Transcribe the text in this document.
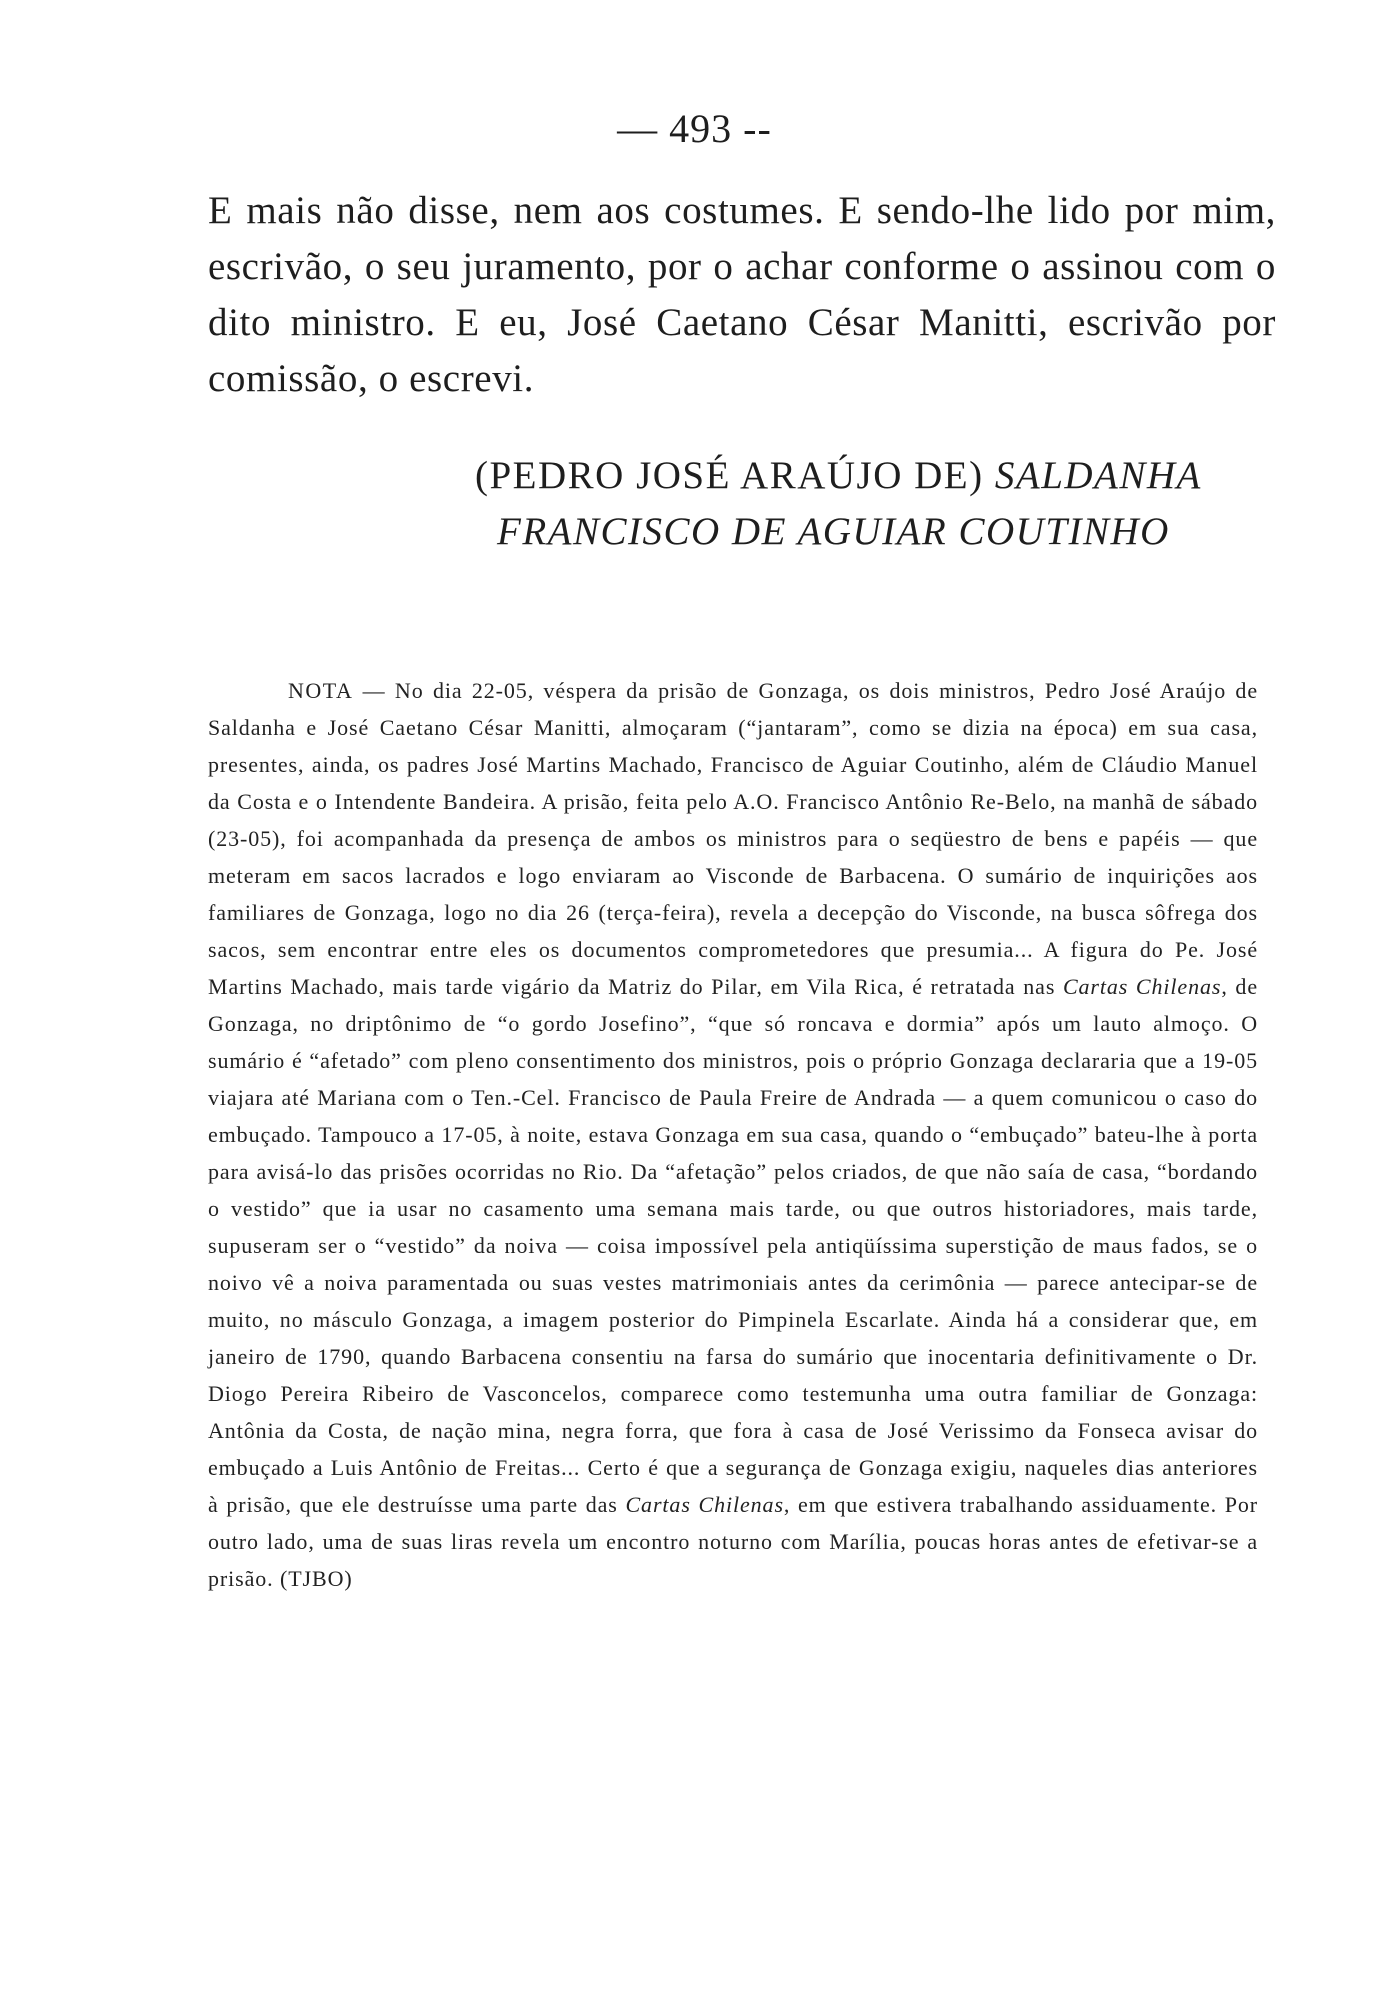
— 493 --

E mais não disse, nem aos costumes. E sendo-lhe lido por mim, escrivão, o seu juramento, por o achar conforme o assinou com o dito ministro. E eu, José Caetano César Manitti, escrivão por comissão, o escrevi.

(PEDRO JOSÉ ARAÚJO DE) SALDANHA
FRANCISCO DE AGUIAR COUTINHO

NOTA — No dia 22-05, véspera da prisão de Gonzaga, os dois ministros, Pedro José Araújo de Saldanha e José Caetano César Manitti, almoçaram (“jantaram”, como se dizia na época) em sua casa, presentes, ainda, os padres José Martins Machado, Francisco de Aguiar Coutinho, além de Cláudio Manuel da Costa e o Intendente Bandeira. A prisão, feita pelo A.O. Francisco Antônio Re-Belo, na manhã de sábado (23-05), foi acompanhada da presença de ambos os ministros para o seqüestro de bens e papéis — que meteram em sacos lacrados e logo enviaram ao Visconde de Barbacena. O sumário de inquirições aos familiares de Gonzaga, logo no dia 26 (terça-feira), revela a decepção do Visconde, na busca sôfrega dos sacos, sem encontrar entre eles os documentos comprometedores que presumia... A figura do Pe. José Martins Machado, mais tarde vigário da Matriz do Pilar, em Vila Rica, é retratada nas Cartas Chilenas, de Gonzaga, no driptônimo de “o gordo Josefino”, “que só roncava e dormia” após um lauto almoço. O sumário é “afetado” com pleno consentimento dos ministros, pois o próprio Gonzaga declararia que a 19-05 viajara até Mariana com o Ten.-Cel. Francisco de Paula Freire de Andrada — a quem comunicou o caso do embuçado. Tampouco a 17-05, à noite, estava Gonzaga em sua casa, quando o “embuçado” bateu-lhe à porta para avisá-lo das prisões ocorridas no Rio. Da “afetação” pelos criados, de que não saía de casa, “bordando o vestido” que ia usar no casamento uma semana mais tarde, ou que outros historiadores, mais tarde, supuseram ser o “vestido” da noiva — coisa impossível pela antiqüíssima superstição de maus fados, se o noivo vê a noiva paramentada ou suas vestes matrimoniais antes da cerimônia — parece antecipar-se de muito, no másculo Gonzaga, a imagem posterior do Pimpinela Escarlate. Ainda há a considerar que, em janeiro de 1790, quando Barbacena consentiu na farsa do sumário que inocentaria definitivamente o Dr. Diogo Pereira Ribeiro de Vasconcelos, comparece como testemunha uma outra familiar de Gonzaga: Antônia da Costa, de nação mina, negra forra, que fora à casa de José Verissimo da Fonseca avisar do embuçado a Luis Antônio de Freitas... Certo é que a segurança de Gonzaga exigiu, naqueles dias anteriores à prisão, que ele destruísse uma parte das Cartas Chilenas, em que estivera trabalhando assiduamente. Por outro lado, uma de suas liras revela um encontro noturno com Marília, poucas horas antes de efetivar-se a prisão. (TJBO)
